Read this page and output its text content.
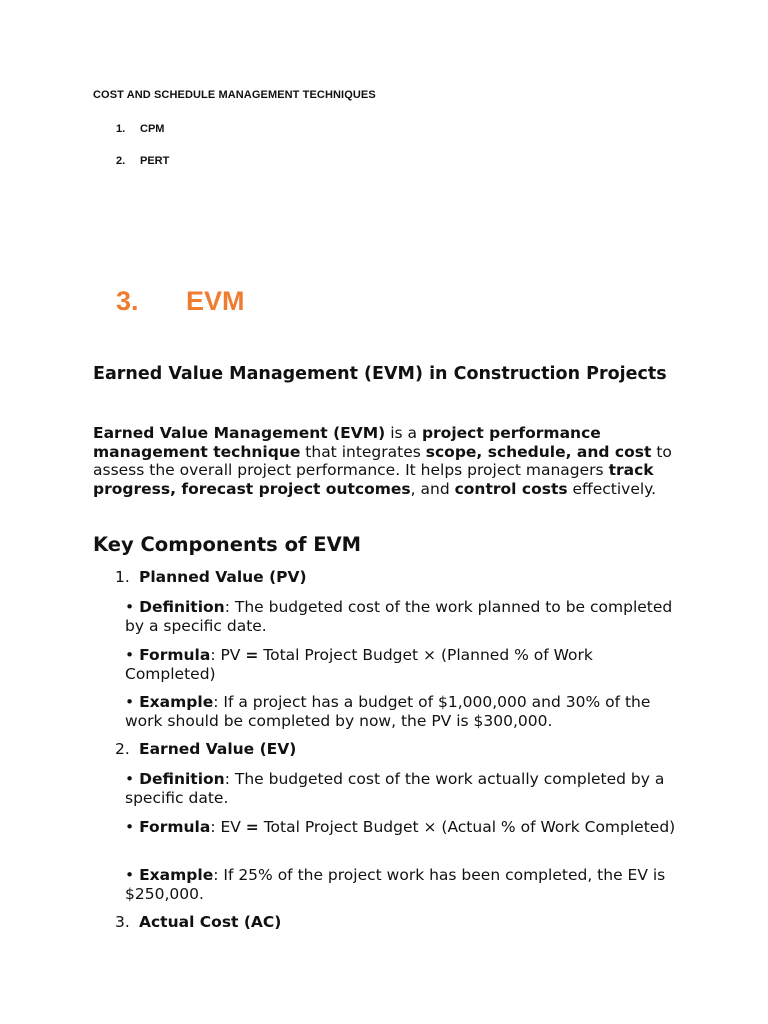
COST AND SCHEDULE MANAGEMENT TECHNIQUES
1. CPM
2. PERT
3. EVM
Earned Value Management (EVM) in Construction Projects
Earned Value Management (EVM) is a project performance management technique that integrates scope, schedule, and cost to assess the overall project performance. It helps project managers track progress, forecast project outcomes, and control costs effectively.
Key Components of EVM
1. Planned Value (PV)
• Definition: The budgeted cost of the work planned to be completed by a specific date.
• Formula: PV = Total Project Budget × (Planned % of Work Completed)
• Example: If a project has a budget of $1,000,000 and 30% of the work should be completed by now, the PV is $300,000.
2. Earned Value (EV)
• Definition: The budgeted cost of the work actually completed by a specific date.
• Formula: EV = Total Project Budget × (Actual % of Work Completed)
• Example: If 25% of the project work has been completed, the EV is $250,000.
3. Actual Cost (AC)
